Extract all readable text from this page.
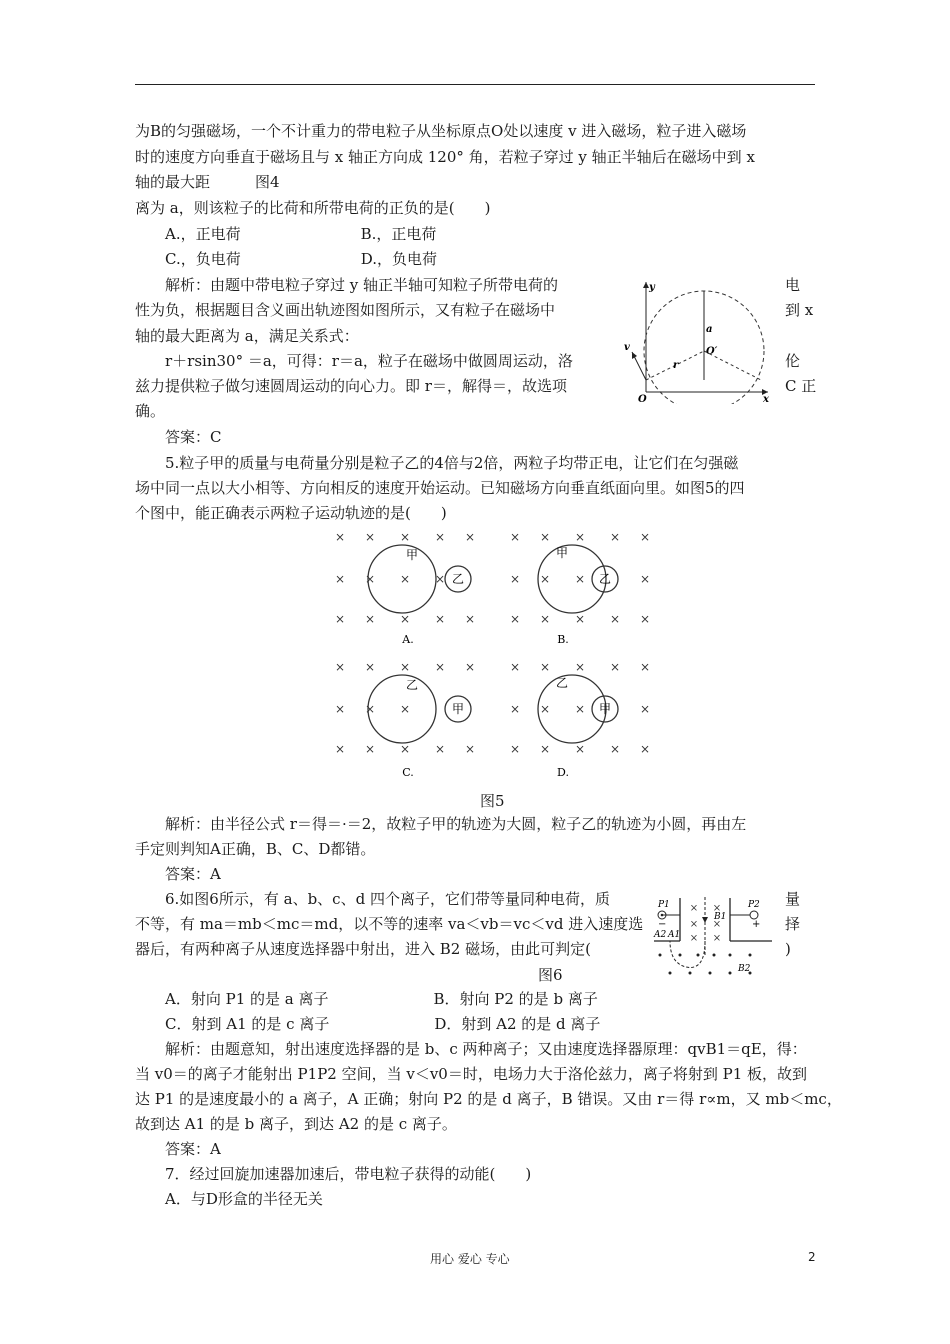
为B的匀强磁场，一个不计重力的带电粒子从坐标原点O处以速度 v 进入磁场，粒子进入磁场
时的速度方向垂直于磁场且与 x 轴正方向成 120° 角，若粒子穿过 y 轴正半轴后在磁场中到 x
轴的最大距　　　图4
离为 a，则该粒子的比荷和所带电荷的正负的是(　　)
　　A.，正电荷　　　　　　　　B.，正电荷
　　C.，负电荷　　　　　　　　D.，负电荷
　　解析：由题中带电粒子穿过 y 轴正半轴可知粒子所带电荷的
性为负，根据题目含义画出轨迹图如图所示，又有粒子在磁场中
轴的最大距离为 a，满足关系式：
　　r＋rsin30° ＝a，可得：r＝a，粒子在磁场中做圆周运动，洛
兹力提供粒子做匀速圆周运动的向心力。即 r＝，解得＝，故选项
确。
　　答案：C
　　5.粒子甲的质量与电荷量分别是粒子乙的4倍与2倍，两粒子均带正电，让它们在匀强磁
场中同一点以大小相等、方向相反的速度开始运动。已知磁场方向垂直纸面向里。如图5的四
个图中，能正确表示两粒子运动轨迹的是(　　)
电
到 x
伦
C 正
y
x
O
O′
v
r
a
× × × × ×
× × × ×
× × × × ×
甲
乙
A.
× × × × ×
× × ×	×
× × × × ×
甲
乙
B.
× × × × ×
× × ×
× × × × ×
乙
甲
C.
× × × × ×
× × ×	×
× × × × ×
乙
甲
D.
图5
　　解析：由半径公式 r＝得＝·＝2，故粒子甲的轨迹为大圆，粒子乙的轨迹为小圆，再由左
手定则判知A正确，B、C、D都错。
　　答案：A
　　6.如图6所示，有 a、b、c、d 四个离子，它们带等量同种电荷，质
不等，有 ma＝mb＜mc＝md，以不等的速率 va＜vb＝vc＜vd 进入速度选
器后，有两种离子从速度选择器中射出，进入 B2 磁场，由此可判定(
量
择
)
图6
× ×
× ×
× ×
P1	P2
B1
A2 A1
B2
−	+
　　A．射向 P1 的是 a 离子　　　　　　　B．射向 P2 的是 b 离子
　　C．射到 A1 的是 c 离子　　　　　　　D．射到 A2 的是 d 离子
　　解析：由题意知，射出速度选择器的是 b、c 两种离子；又由速度选择器原理：qvB1＝qE，得：
当 v0＝的离子才能射出 P1P2 空间，当 v＜v0＝时，电场力大于洛伦兹力，离子将射到 P1 板，故到
达 P1 的是速度最小的 a 离子，A 正确；射向 P2 的是 d 离子，B 错误。又由 r＝得 r∝m，又 mb＜mc，
故到达 A1 的是 b 离子，到达 A2 的是 c 离子。
　　答案：A
　　7．经过回旋加速器加速后，带电粒子获得的动能(　　)
　　A．与D形盒的半径无关
用心 爱心 专心	2
